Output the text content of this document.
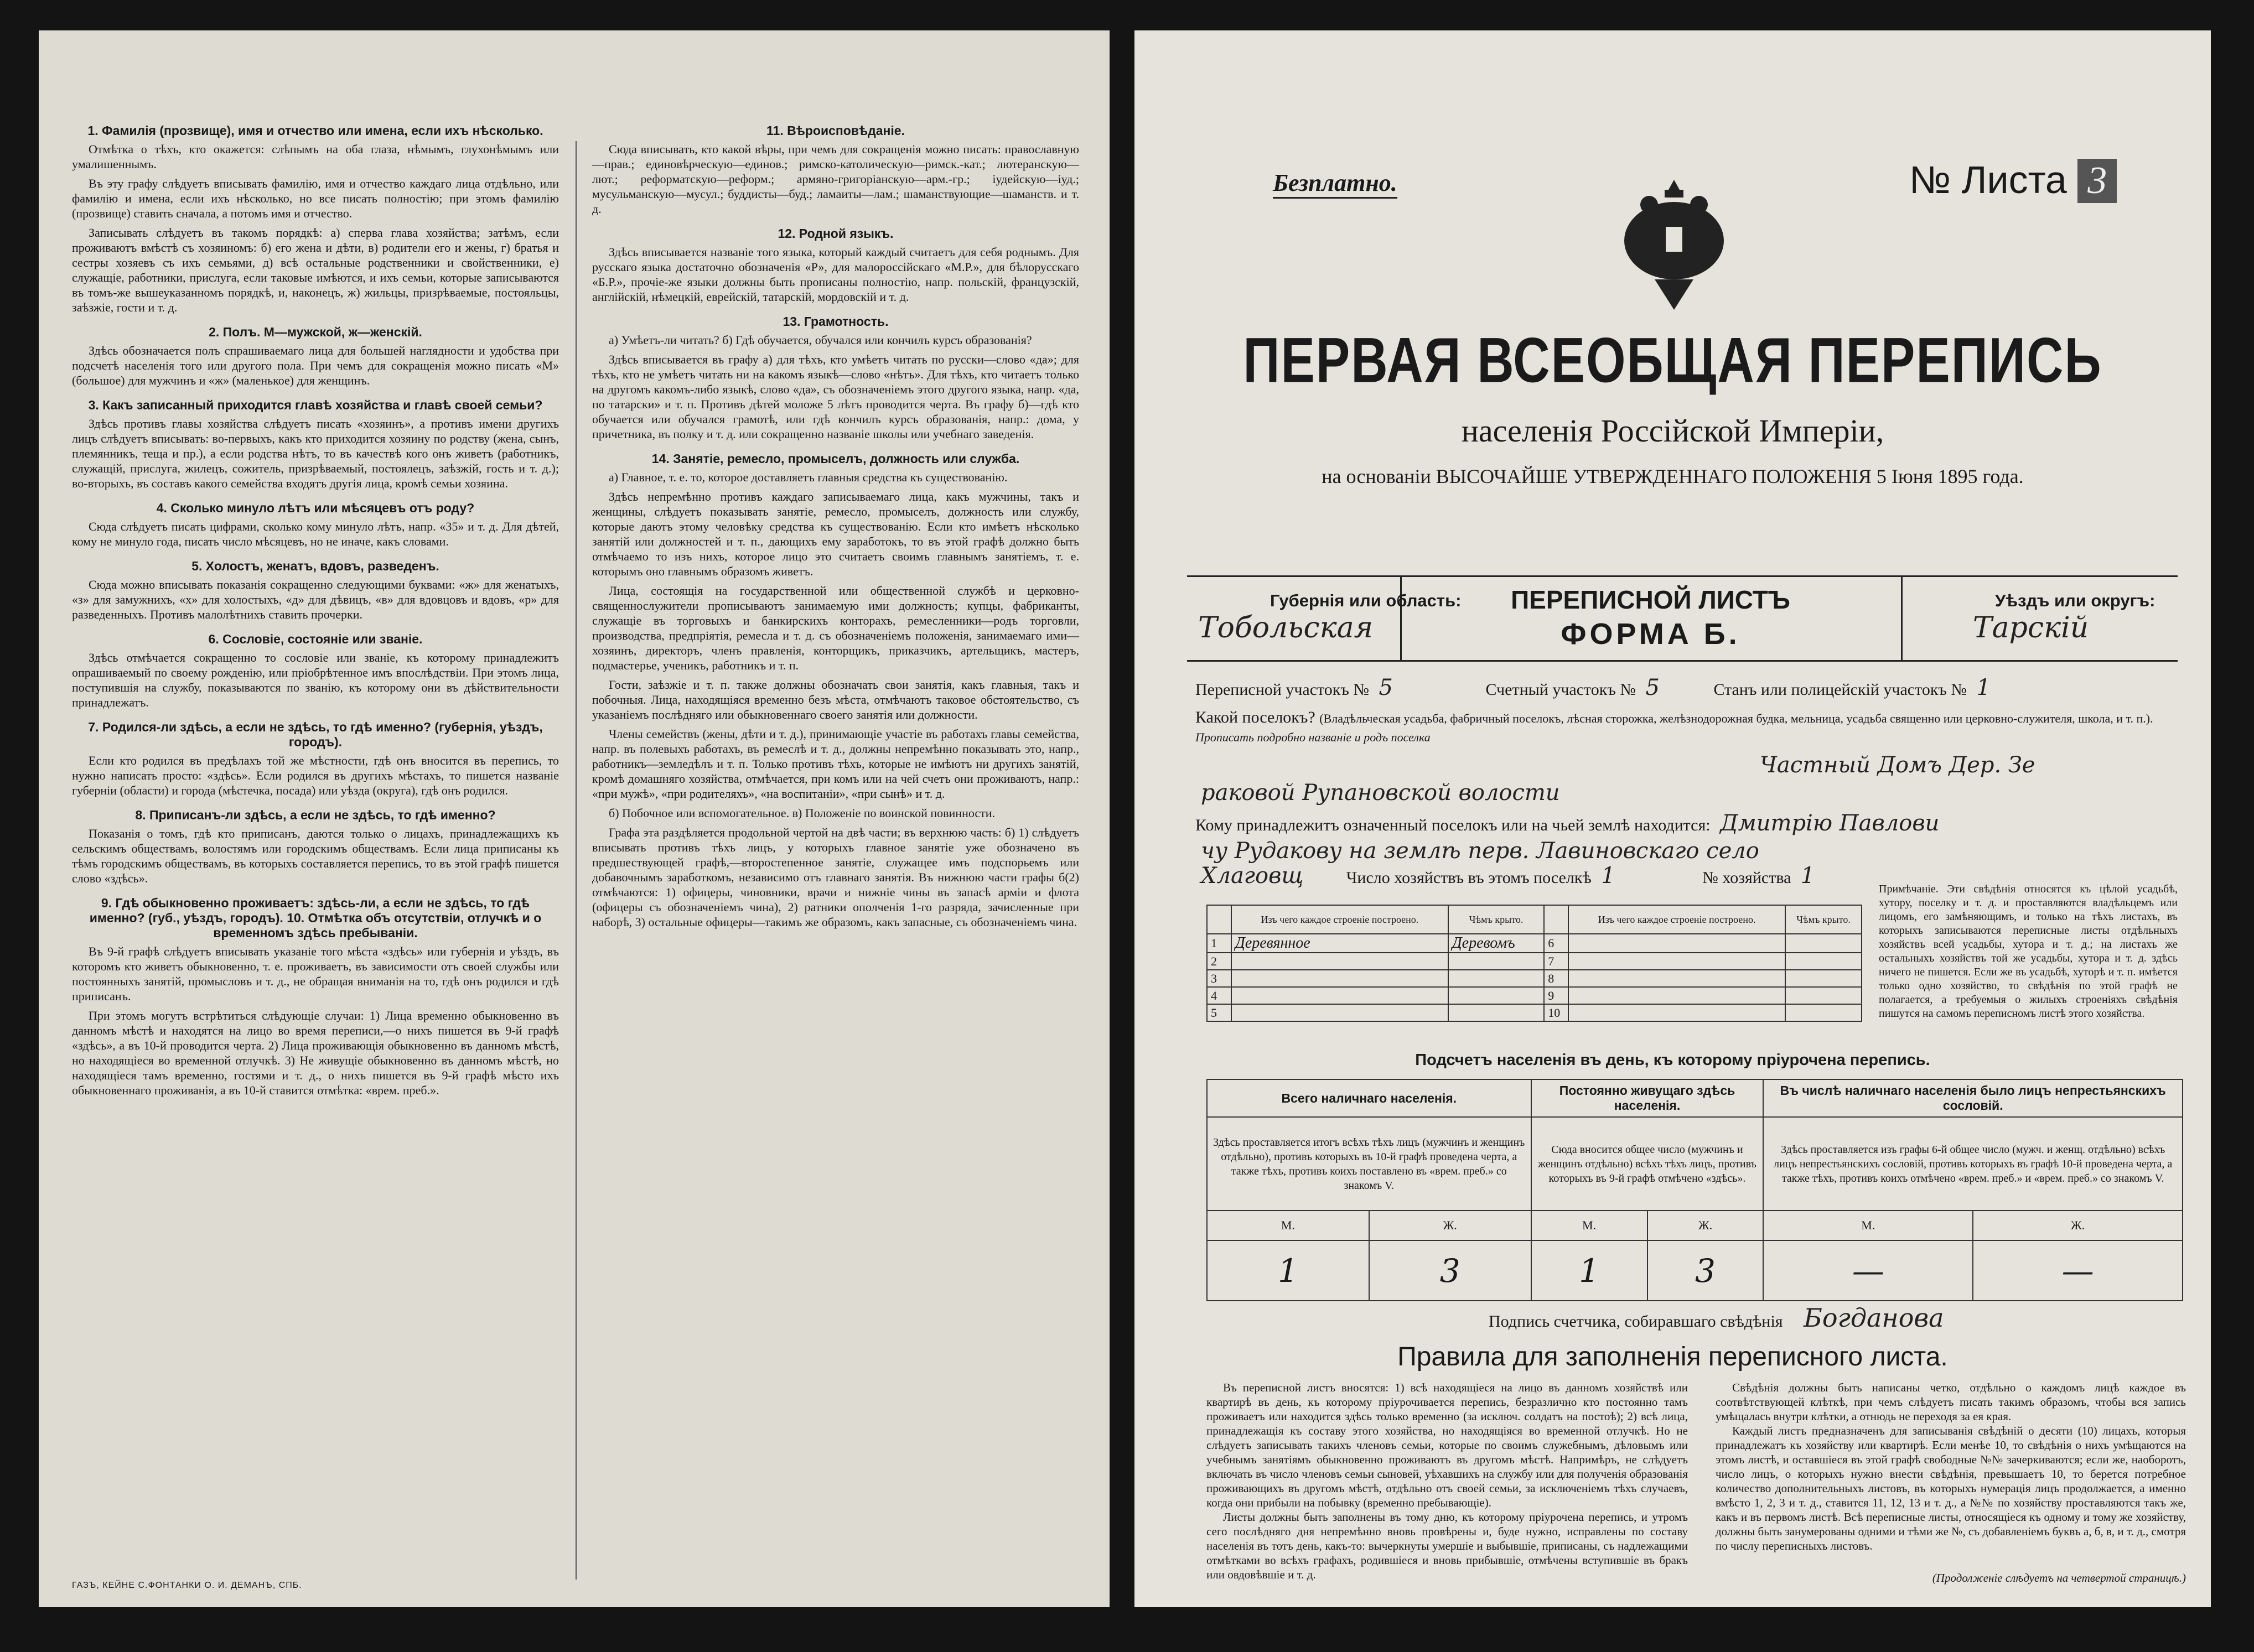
1. Фамилія (прозвище), имя и отчество или имена, если ихъ нѣсколько.

Отмѣтка о тѣхъ, кто окажется: слѣпымъ на оба глаза, нѣмымъ, глухонѣмымъ или умалишеннымъ.

Въ эту графу слѣдуетъ вписывать фамилію, имя и отчество каждаго лица отдѣльно, или фамилію и имена, если ихъ нѣсколько, но все писать полностію; при этомъ фамилію (прозвище) ставить сначала, а потомъ имя и отчество.

Записывать слѣдуетъ въ такомъ порядкѣ: а) сперва глава хозяйства; затѣмъ, если проживаютъ вмѣстѣ съ хозяиномъ: б) его жена и дѣти, в) родители его и жены, г) братья и сестры хозяевъ съ ихъ семьями, д) всѣ остальные родственники и свойственники, е) служащіе, работники, прислуга, если таковые имѣются, и ихъ семьи, которые записываются въ томъ-же вышеуказанномъ порядкѣ, и, наконецъ, ж) жильцы, призрѣваемые, постояльцы, заѣзжіе, гости и т. д.

2. Полъ. М—мужской, ж—женскій.

Здѣсь обозначается полъ спрашиваемаго лица для большей наглядности и удобства при подсчетѣ населенія того или другого пола. При чемъ для сокращенія можно писать «М» (большое) для мужчинъ и «ж» (маленькое) для женщинъ.

3. Какъ записанный приходится главѣ хозяйства и главѣ своей семьи?

Здѣсь противъ главы хозяйства слѣдуетъ писать «хозяинъ», а противъ имени другихъ лицъ слѣдуетъ вписывать: во-первыхъ, какъ кто приходится хозяину по родству (жена, сынъ, племянникъ, теща и пр.), а если родства нѣтъ, то въ качествѣ кого онъ живетъ (работникъ, служащій, прислуга, жилецъ, сожитель, призрѣваемый, постоялецъ, заѣзжій, гость и т. д.); во-вторыхъ, въ составъ какого семейства входятъ другія лица, кромѣ семьи хозяина.

4. Сколько минуло лѣтъ или мѣсяцевъ отъ роду?

Сюда слѣдуетъ писать цифрами, сколько кому минуло лѣтъ, напр. «35» и т. д. Для дѣтей, кому не минуло года, писать число мѣсяцевъ, но не иначе, какъ словами.

5. Холостъ, женатъ, вдовъ, разведенъ.

Сюда можно вписывать показанія сокращенно следующими буквами: «ж» для женатыхъ, «з» для замужнихъ, «х» для холостыхъ, «д» для дѣвицъ, «в» для вдовцовъ и вдовъ, «р» для разведенныхъ. Противъ малолѣтнихъ ставить прочерки.

6. Сословіе, состояніе или званіе.

Здѣсь отмѣчается сокращенно то сословіе или званіе, къ которому принадлежитъ опрашиваемый по своему рожденію, или пріобрѣтенное имъ впослѣдствіи. При этомъ лица, поступившія на службу, показываются по званію, къ которому они въ дѣйствительности принадлежатъ.

7. Родился-ли здѣсь, а если не здѣсь, то гдѣ именно? (губернія, уѣздъ, городъ).

Если кто родился въ предѣлахъ той же мѣстности, гдѣ онъ вносится въ перепись, то нужно написать просто: «здѣсь». Если родился въ другихъ мѣстахъ, то пишется названіе губерніи (области) и города (мѣстечка, посада) или уѣзда (округа), гдѣ онъ родился.

8. Приписанъ-ли здѣсь, а если не здѣсь, то гдѣ именно?

Показанія о томъ, гдѣ кто приписанъ, даются только о лицахъ, принадлежащихъ къ сельскимъ обществамъ, волостямъ или городскимъ обществамъ. Если лица приписаны къ тѣмъ городскимъ обществамъ, въ которыхъ составляется перепись, то въ этой графѣ пишется слово «здѣсь».

9. Гдѣ обыкновенно проживаетъ: здѣсь-ли, а если не здѣсь, то гдѣ именно? (губ., уѣздъ, городъ). 10. Отмѣтка объ отсутствіи, отлучкѣ и о временномъ здѣсь пребываніи.

Въ 9-й графѣ слѣдуетъ вписывать указаніе того мѣста «здѣсь» или губернія и уѣздъ, въ которомъ кто живетъ обыкновенно, т. е. проживаетъ, въ зависимости отъ своей службы или постоянныхъ занятій, промысловъ и т. д., не обращая вниманія на то, гдѣ онъ родился и гдѣ приписанъ.

При этомъ могутъ встрѣтиться слѣдующіе случаи: 1) Лица временно обыкновенно въ данномъ мѣстѣ и находятся на лицо во время переписи,—о нихъ пишется въ 9-й графѣ «здѣсь», а въ 10-й проводится черта. 2) Лица проживающія обыкновенно въ данномъ мѣстѣ, но находящіеся во временной отлучкѣ. 3) Не живущіе обыкновенно въ данномъ мѣстѣ, но находящіеся тамъ временно, гостями и т. д., о нихъ пишется въ 9-й графѣ мѣсто ихъ обыкновеннаго проживанія, а въ 10-й ставится отмѣтка: «врем. преб.».

11. Вѣроисповѣданіе.

Сюда вписывать, кто какой вѣры, при чемъ для сокращенія можно писать: православную—прав.; единовѣрческую—единов.; римско-католическую—римск.-кат.; лютеранскую—лют.; реформатскую—реформ.; армяно-григоріанскую—арм.-гр.; іудейскую—іуд.; мусульманскую—мусул.; буддисты—буд.; ламаиты—лам.; шаманствующие—шаманств. и т. д.

12. Родной языкъ.

Здѣсь вписывается названіе того языка, который каждый считаетъ для себя роднымъ. Для русскаго языка достаточно обозначенія «Р», для малороссійскаго «М.Р.», для бѣлорусскаго «Б.Р.», прочіе-же языки должны быть прописаны полностію, напр. польскій, французскій, англійскій, нѣмецкій, еврейскій, татарскій, мордовскій и т. д.

13. Грамотность.

а) Умѣетъ-ли читать? б) Гдѣ обучается, обучался или кончилъ курсъ образованія?

Здѣсь вписывается въ графу а) для тѣхъ, кто умѣетъ читать по русски—слово «да»; для тѣхъ, кто не умѣетъ читать ни на какомъ языкѣ—слово «нѣтъ». Для тѣхъ, кто читаетъ только на другомъ какомъ-либо языкѣ, слово «да», съ обозначеніемъ этого другого языка, напр. «да, по татарски» и т. п. Противъ дѣтей моложе 5 лѣтъ проводится черта. Въ графу б)—гдѣ кто обучается или обучался грамотѣ, или гдѣ кончилъ курсъ образованія, напр.: дома, у причетника, въ полку и т. д. или сокращенно названіе школы или учебнаго заведенія.

14. Занятіе, ремесло, промыселъ, должность или служба.

а) Главное, т. е. то, которое доставляетъ главныя средства къ существованію.

Здѣсь непремѣнно противъ каждаго записываемаго лица, какъ мужчины, такъ и женщины, слѣдуетъ показывать занятіе, ремесло, промыселъ, должность или службу, которые даютъ этому человѣку средства къ существованію. Если кто имѣетъ нѣсколько занятій или должностей и т. п., дающихъ ему заработокъ, то въ этой графѣ должно быть отмѣчаемо то изъ нихъ, которое лицо это считаетъ своимъ главнымъ занятіемъ, т. е. которымъ оно главнымъ образомъ живетъ.

Лица, состоящія на государственной или общественной службѣ и церковно-священнослужители прописываютъ занимаемую ими должность; купцы, фабриканты, служащіе въ торговыхъ и банкирскихъ конторахъ, ремесленники—родъ торговли, производства, предпріятія, ремесла и т. д. съ обозначеніемъ положенія, занимаемаго ими—хозяинъ, директоръ, членъ правленія, конторщикъ, приказчикъ, артельщикъ, мастеръ, подмастерье, ученикъ, работникъ и т. п.

Гости, заѣзжіе и т. п. также должны обозначать свои занятія, какъ главныя, такъ и побочныя. Лица, находящіяся временно безъ мѣста, отмѣчаютъ таковое обстоятельство, съ указаніемъ послѣдняго или обыкновеннаго своего занятія или должности.

Члены семействъ (жены, дѣти и т. д.), принимающіе участіе въ работахъ главы семейства, напр. въ полевыхъ работахъ, въ ремеслѣ и т. д., должны непремѣнно показывать это, напр., работникъ—земледѣлъ и т. п. Только противъ тѣхъ, которые не имѣютъ ни другихъ занятій, кромѣ домашняго хозяйства, отмѣчается, при комъ или на чей счетъ они проживаютъ, напр.: «при мужѣ», «при родителяхъ», «на воспитаніи», «при сынѣ» и т. д.

б) Побочное или вспомогательное. в) Положеніе по воинской повинности.

Графа эта раздѣляется продольной чертой на двѣ части; въ верхнюю часть: б) 1) слѣдуетъ вписывать противъ тѣхъ лицъ, у которыхъ главное занятіе уже обозначено въ предшествующей графѣ,—второстепенное занятіе, служащее имъ подспорьемъ или добавочнымъ заработкомъ, независимо отъ главнаго занятія. Въ нижнюю части графы б(2) отмѣчаются: 1) офицеры, чиновники, врачи и нижніе чины въ запасѣ арміи и флота (офицеры съ обозначеніемъ чина), 2) ратники ополченія 1-го разряда, зачисленные при наборѣ, 3) остальные офицеры—такимъ же образомъ, какъ запасные, съ обозначеніемъ чина.

ГАЗЪ, КЕЙНЕ С.ФОНТАНКИ О. И. ДЕМАНЪ, СПБ.
Безплатно.	№ Листа 3
ПЕРВАЯ ВСЕОБЩАЯ ПЕРЕПИСЬ
населенія Россійской Имперіи,
на основаніи ВЫСОЧАЙШЕ УТВЕРЖДЕННАГО ПОЛОЖЕНІЯ 5 Іюня 1895 года.
Губернія или область:
Тобольская
ПЕРЕПИСНОЙ ЛИСТЪ
ФОРМА Б.
Уѣздъ или округъ:
Тарскій
Переписной участокъ № 5	Счетный участокъ № 5	Станъ или полицейскій участокъ № 1
Какой поселокъ? (Владѣльческая усадьба, фабричный поселокъ, лѣсная сторожка, желѣзнодорожная будка, мельница, усадьба священно или церковно-служителя, школа, и т. п.). Прописать подробно названіе и родъ поселка
Частный Домъ Дер. Зе
раковой Рупановской волости
Кому принадлежитъ означенный поселокъ или на чьей землѣ находится: Дмитрію Павлови
чу Рудакову на землѣ перв. Лавиновскаго село
Хлаговщ	Число хозяйствъ въ этомъ поселкѣ 1	№ хозяйства 1
	Изъ чего каждое строеніе построено.	Чѣмъ крыто.		Изъ чего каждое строеніе построено.	Чѣмъ крыто.
1	Деревянное	Деревомъ	6		
2			7		
3			8		
4			9		
5			10		
Примѣчаніе. Эти свѣдѣнія относятся къ цѣлой усадьбѣ, хутору, поселку и т. д. и проставляются владѣльцемъ или лицомъ, его замѣняющимъ, и только на тѣхъ листахъ, въ которыхъ записываются переписные листы отдѣльныхъ хозяйствъ всей усадьбы, хутора и т. д.; на листахъ же остальныхъ хозяйствъ той же усадьбы, хутора и т. д. здѣсь ничего не пишется. Если же въ усадьбѣ, хуторѣ и т. п. имѣется только одно хозяйство, то свѣдѣнія по этой графѣ не полагается, а требуемыя о жилыхъ строеніяхъ свѣдѣнія пишутся на самомъ переписномъ листѣ этого хозяйства.
Подсчетъ населенія въ день, къ которому пріурочена перепись.
Всего наличнаго населенія.		Постоянно живущаго здѣсь населенія.		Въ числѣ наличнаго населенія было лицъ непрестьянскихъ сословій.	
Здѣсь проставляется итогъ всѣхъ тѣхъ лицъ (мужчинъ и женщинъ отдѣльно), противъ которыхъ въ 10-й графѣ проведена черта, а также тѣхъ, противъ коихъ поставлено въ «врем. преб.» со знакомъ V.		Сюда вносится общее число (мужчинъ и женщинъ отдѣльно) всѣхъ тѣхъ лицъ, противъ которыхъ въ 9-й графѣ отмѣчено «здѣсь».		Здѣсь проставляется изъ графы 6-й общее число (мужч. и женщ. отдѣльно) всѣхъ лицъ непрестьянскихъ сословій, противъ которыхъ въ графѣ 10-й проведена черта, а также тѣхъ, противъ коихъ отмѣчено «врем. преб.» и «врем. преб.» со знакомъ V.	
М.	Ж.	М.	Ж.	М.	Ж.
1	3	1	3	—	—
Подпись счетчика, собиравшаго свѣдѣнія Богданова
Правила для заполненія переписного листа.

Въ переписной листъ вносятся: 1) всѣ находящіеся на лицо въ данномъ хозяйствѣ или квартирѣ въ день, къ которому пріурочивается перепись, безразлично кто постоянно тамъ проживаетъ или находится здѣсь только временно (за исключ. солдатъ на постоѣ); 2) всѣ лица, принадлежащія къ составу этого хозяйства, но находящіяся во временной отлучкѣ. Но не слѣдуетъ записывать такихъ членовъ семьи, которые по своимъ служебнымъ, дѣловымъ или учебнымъ занятіямъ обыкновенно проживаютъ въ другомъ мѣстѣ. Напримѣръ, не слѣдуетъ включать въ число членовъ семьи сыновей, уѣхавшихъ на службу или для полученія образованія проживающихъ въ другомъ мѣстѣ, отдѣльно отъ своей семьи, за исключеніемъ тѣхъ случаевъ, когда они прибыли на побывку (временно пребывающіе).

Листы должны быть заполнены въ тому дню, къ которому пріурочена перепись, и утромъ сего послѣдняго дня непремѣнно вновь провѣрены и, буде нужно, исправлены по составу населенія въ тотъ день, какъ-то: вычеркнуты умершіе и выбывшіе, приписаны, съ надлежащими отмѣтками во всѣхъ графахъ, родившіеся и вновь прибывшіе, отмѣчены вступившіе въ бракъ или овдовѣвшіе и т. д.

Свѣдѣнія должны быть написаны четко, отдѣльно о каждомъ лицѣ каждое въ соотвѣтствующей клѣткѣ, при чемъ слѣдуетъ писать такимъ образомъ, чтобы вся запись умѣщалась внутри клѣтки, а отнюдь не переходя за ея края.

Каждый листъ предназначенъ для записыванія свѣдѣній о десяти (10) лицахъ, которыя принадлежатъ къ хозяйству или квартирѣ. Если менѣе 10, то свѣдѣнія о нихъ умѣщаются на этомъ листѣ, и оставшіеся въ этой графѣ свободные №№ зачеркиваются; если же, наоборотъ, число лицъ, о которыхъ нужно внести свѣдѣнія, превышаетъ 10, то берется потребное количество дополнительныхъ листовъ, въ которыхъ нумерація лицъ продолжается, а именно вмѣсто 1, 2, 3 и т. д., ставится 11, 12, 13 и т. д., а №№ по хозяйству проставляются такъ же, какъ и въ первомъ листѣ. Всѣ переписные листы, относящіеся къ одному и тому же хозяйству, должны быть занумерованы одними и тѣми же №, съ добавленіемъ буквъ а, б, в, и т. д., смотря по числу переписныхъ листовъ.

(Продолженіе слѣдуетъ на четвертой страницѣ.)
